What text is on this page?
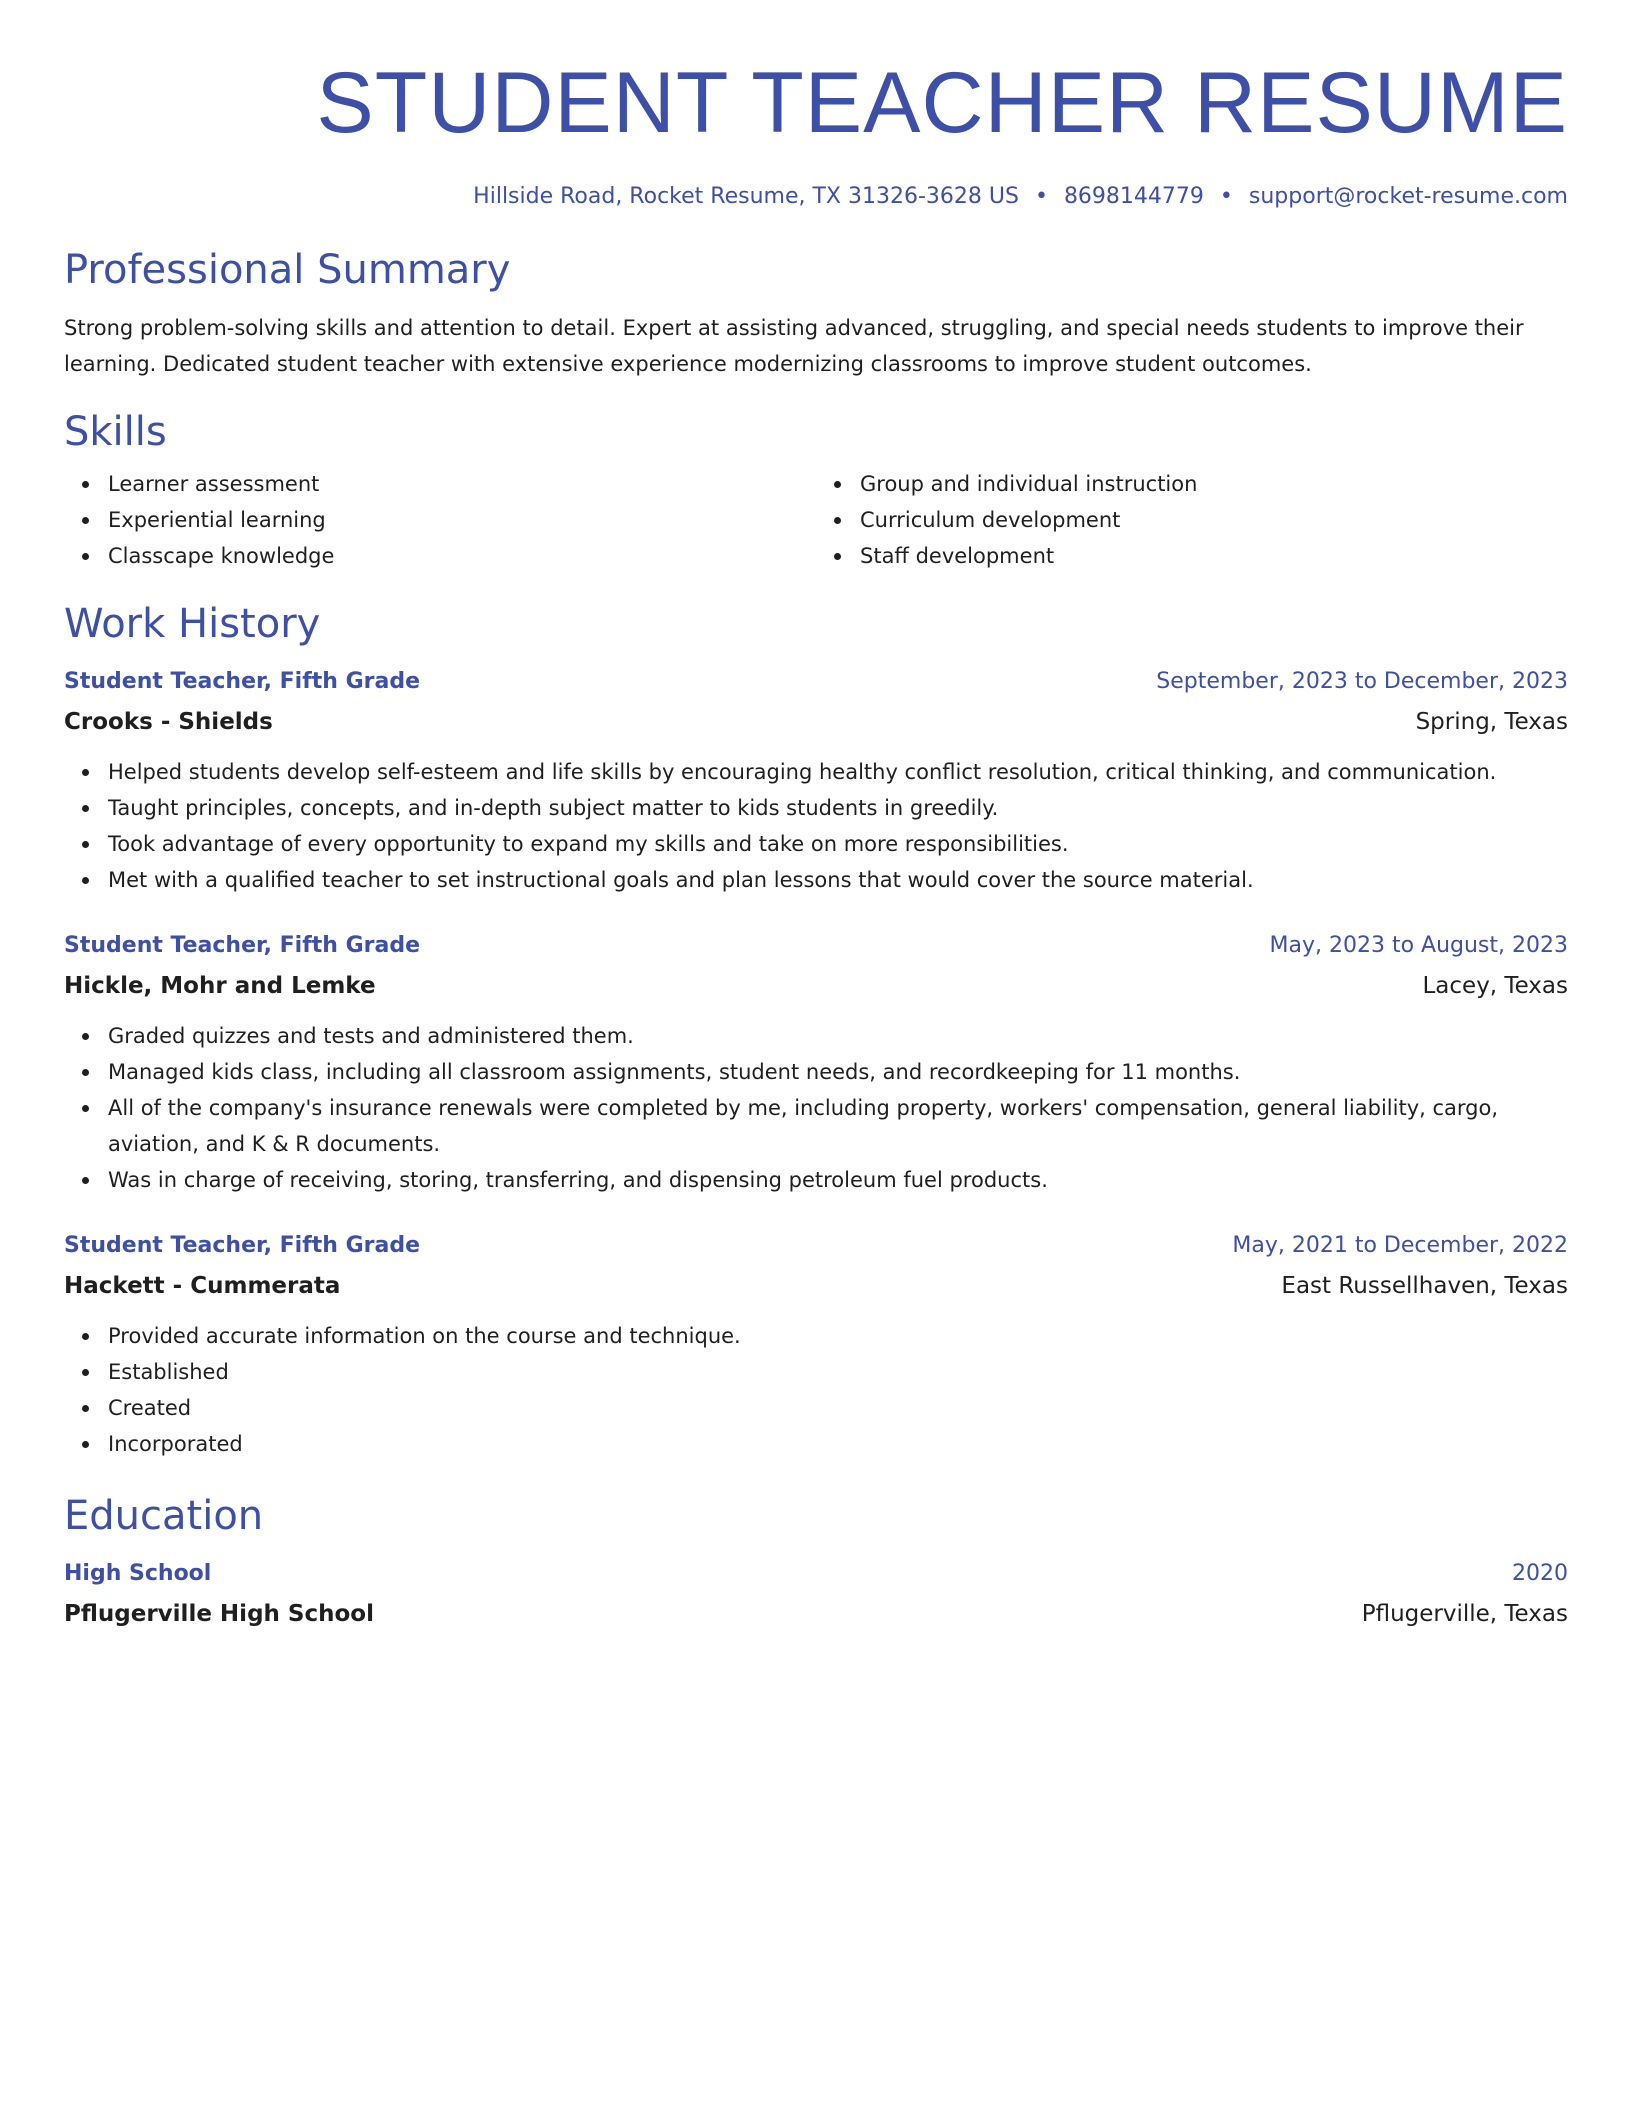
STUDENT TEACHER RESUME
Hillside Road, Rocket Resume, TX 31326-3628 US • 8698144779 • support@rocket-resume.com
Professional Summary

Strong problem-solving skills and attention to detail. Expert at assisting advanced, struggling, and special needs students to improve their learning. Dedicated student teacher with extensive experience modernizing classrooms to improve student outcomes.

Skills
Learner assessment
Experiential learning
Classcape knowledge
Group and individual instruction
Curriculum development
Staff development
Work History
Student Teacher, Fifth Grade	September, 2023 to December, 2023
Crooks - Shields	Spring, Texas
Helped students develop self-esteem and life skills by encouraging healthy conflict resolution, critical thinking, and communication.
Taught principles, concepts, and in-depth subject matter to kids students in greedily.
Took advantage of every opportunity to expand my skills and take on more responsibilities.
Met with a qualified teacher to set instructional goals and plan lessons that would cover the source material.
Student Teacher, Fifth Grade	May, 2023 to August, 2023
Hickle, Mohr and Lemke	Lacey, Texas
Graded quizzes and tests and administered them.
Managed kids class, including all classroom assignments, student needs, and recordkeeping for 11 months.
All of the company's insurance renewals were completed by me, including property, workers' compensation, general liability, cargo, aviation, and K & R documents.
Was in charge of receiving, storing, transferring, and dispensing petroleum fuel products.
Student Teacher, Fifth Grade	May, 2021 to December, 2022
Hackett - Cummerata	East Russellhaven, Texas
Provided accurate information on the course and technique.
Established
Created
Incorporated
Education
High School	2020
Pflugerville High School	Pflugerville, Texas
